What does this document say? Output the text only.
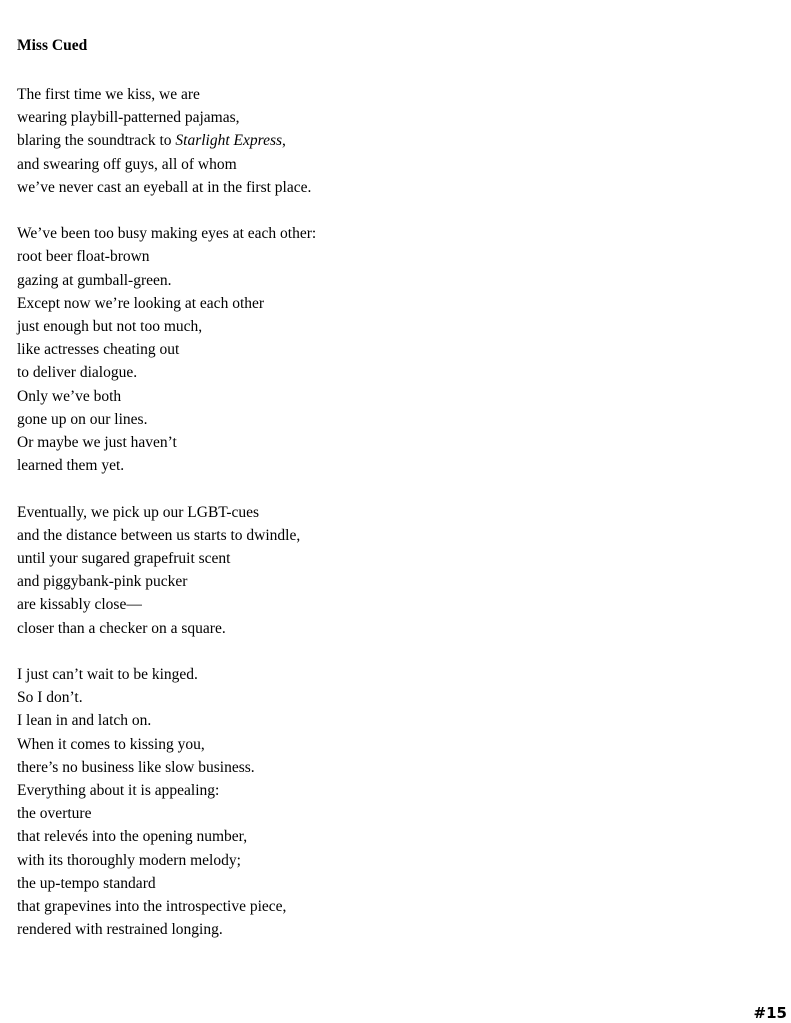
Miss Cued
The first time we kiss, we are
wearing playbill-patterned pajamas,
blaring the soundtrack to Starlight Express,
and swearing off guys, all of whom
we’ve never cast an eyeball at in the first place.
We’ve been too busy making eyes at each other:
root beer float-brown
gazing at gumball-green.
Except now we’re looking at each other
just enough but not too much,
like actresses cheating out
to deliver dialogue.
Only we’ve both
gone up on our lines.
Or maybe we just haven’t
learned them yet.
Eventually, we pick up our LGBT-cues
and the distance between us starts to dwindle,
until your sugared grapefruit scent
and piggybank-pink pucker
are kissably close—
closer than a checker on a square.
I just can’t wait to be kinged.
So I don’t.
I lean in and latch on.
When it comes to kissing you,
there’s no business like slow business.
Everything about it is appealing:
the overture
that relevés into the opening number,
with its thoroughly modern melody;
the up-tempo standard
that grapevines into the introspective piece,
rendered with restrained longing.
#15
